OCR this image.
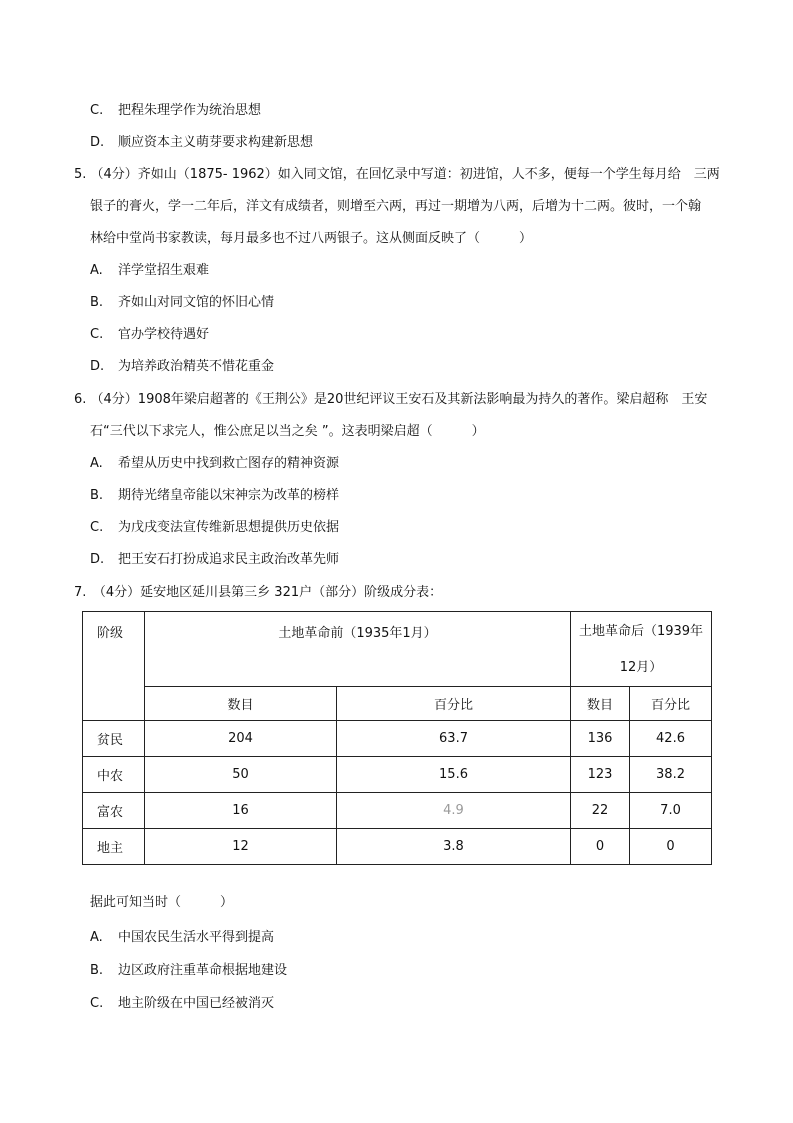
C. 把程朱理学作为统治思想
D. 顺应资本主义萌芽要求构建新思想
5. （4分）齐如山（1875- 1962）如入同文馆，在回忆录中写道：初进馆，人不多，便每一个学生每月给　三两
银子的膏火，学一二年后，洋文有成绩者，则增至六两，再过一期增为八两，后增为十二两。彼时，一个翰
林给中堂尚书家教读，每月最多也不过八两银子。这从侧面反映了（　　　）
A. 洋学堂招生艰难
B. 齐如山对同文馆的怀旧心情
C. 官办学校待遇好
D. 为培养政治精英不惜花重金
6. （4分）1908年梁启超著的《王荆公》是20世纪评议王安石及其新法影响最为持久的著作。梁启超称　王安
石“三代以下求完人，惟公庶足以当之矣 ”。这表明梁启超（　　　）
A. 希望从历史中找到救亡图存的精神资源
B. 期待光绪皇帝能以宋神宗为改革的榜样
C. 为戊戌变法宣传维新思想提供历史依据
D. 把王安石打扮成追求民主政治改革先师
7.　（4分）延安地区延川县第三乡 321户（部分）阶级成分表：
阶级	土地革命前（1935年1月）		土地革命后（1939年
12月）	

	数目	百分比	数目	百分比
贫民	204	63.7	136	42.6
中农	50	15.6	123	38.2
富农	16	4.9	22	7.0
地主	12	3.8	0	0
据此可知当时（　　　）
A. 中国农民生活水平得到提高
B. 边区政府注重革命根据地建设
C. 地主阶级在中国已经被消灭
